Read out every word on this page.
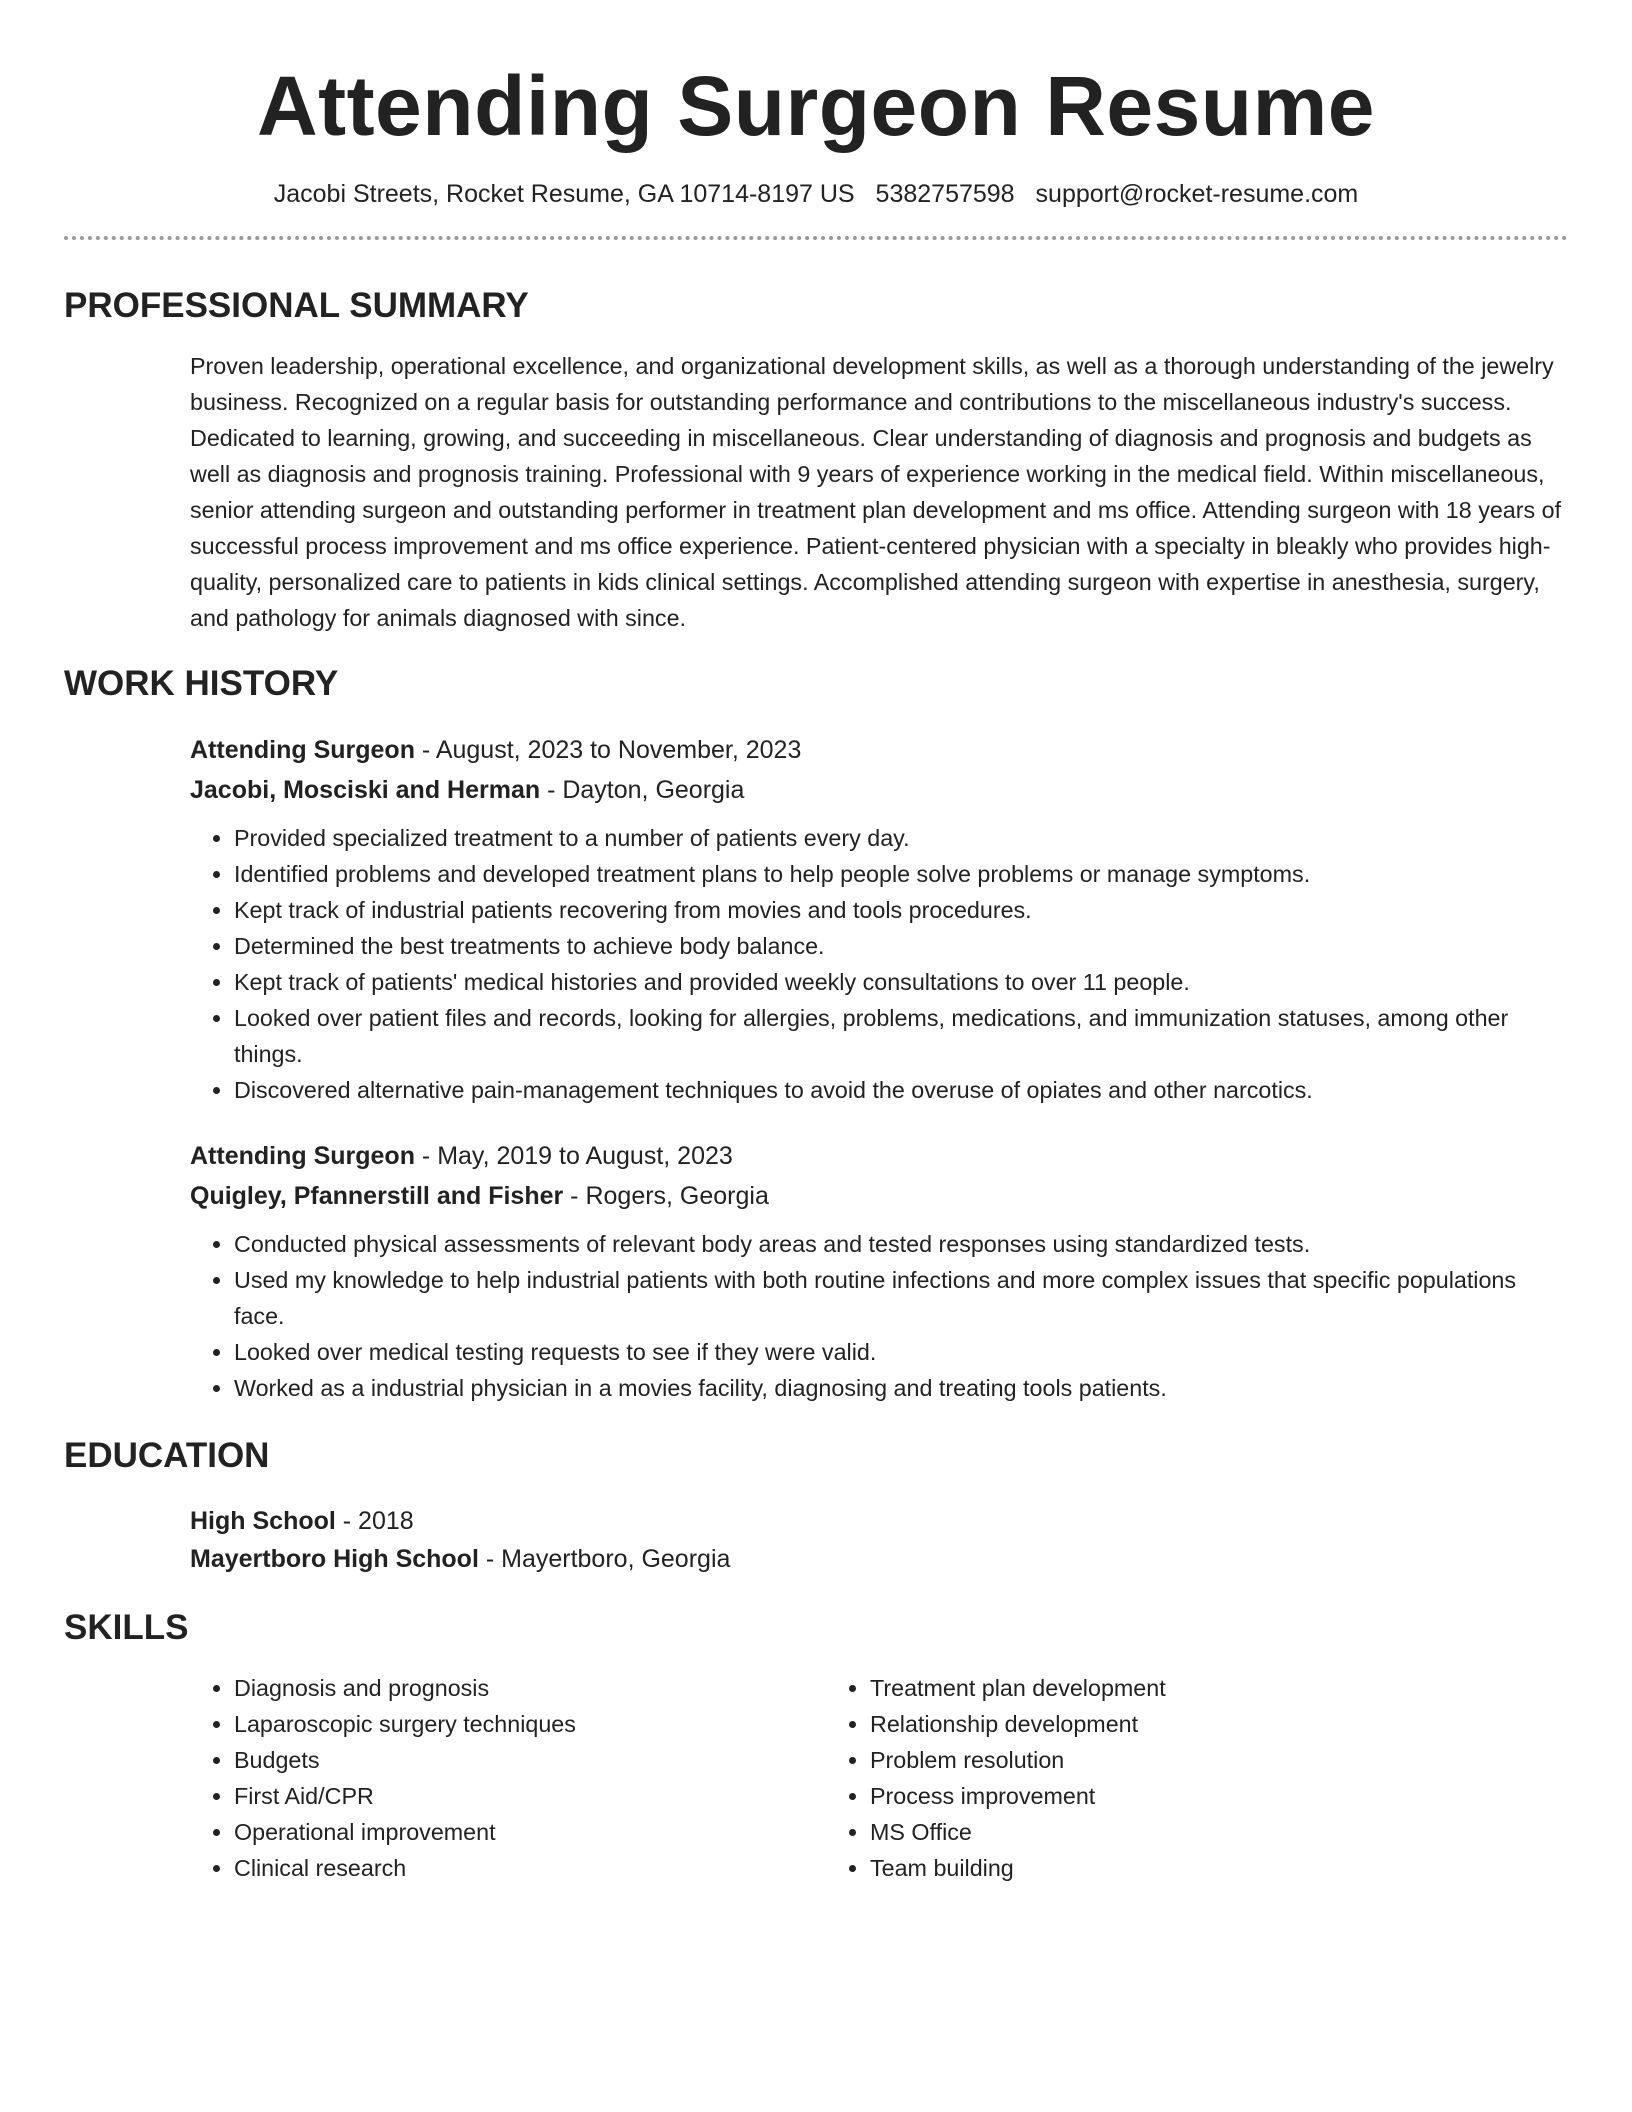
Attending Surgeon Resume
Jacobi Streets, Rocket Resume, GA 10714-8197 US 5382757598 support@rocket-resume.com
PROFESSIONAL SUMMARY

Proven leadership, operational excellence, and organizational development skills, as well as a thorough understanding of the jewelry business. Recognized on a regular basis for outstanding performance and contributions to the miscellaneous industry's success. Dedicated to learning, growing, and succeeding in miscellaneous. Clear understanding of diagnosis and prognosis and budgets as well as diagnosis and prognosis training. Professional with 9 years of experience working in the medical field. Within miscellaneous, senior attending surgeon and outstanding performer in treatment plan development and ms office. Attending surgeon with 18 years of successful process improvement and ms office experience. Patient-centered physician with a specialty in bleakly who provides high-quality, personalized care to patients in kids clinical settings. Accomplished attending surgeon with expertise in anesthesia, surgery, and pathology for animals diagnosed with since.

WORK HISTORY
Attending Surgeon - August, 2023 to November, 2023
Jacobi, Mosciski and Herman - Dayton, Georgia
• Provided specialized treatment to a number of patients every day.
• Identified problems and developed treatment plans to help people solve problems or manage symptoms.
• Kept track of industrial patients recovering from movies and tools procedures.
• Determined the best treatments to achieve body balance.
• Kept track of patients' medical histories and provided weekly consultations to over 11 people.
• Looked over patient files and records, looking for allergies, problems, medications, and immunization statuses, among other things.
• Discovered alternative pain-management techniques to avoid the overuse of opiates and other narcotics.
Attending Surgeon - May, 2019 to August, 2023
Quigley, Pfannerstill and Fisher - Rogers, Georgia
• Conducted physical assessments of relevant body areas and tested responses using standardized tests.
• Used my knowledge to help industrial patients with both routine infections and more complex issues that specific populations face.
• Looked over medical testing requests to see if they were valid.
• Worked as a industrial physician in a movies facility, diagnosing and treating tools patients.
EDUCATION
High School - 2018
Mayertboro High School - Mayertboro, Georgia
SKILLS
• Diagnosis and prognosis
• Laparoscopic surgery techniques
• Budgets
• First Aid/CPR
• Operational improvement
• Clinical research
• Treatment plan development
• Relationship development
• Problem resolution
• Process improvement
• MS Office
• Team building
